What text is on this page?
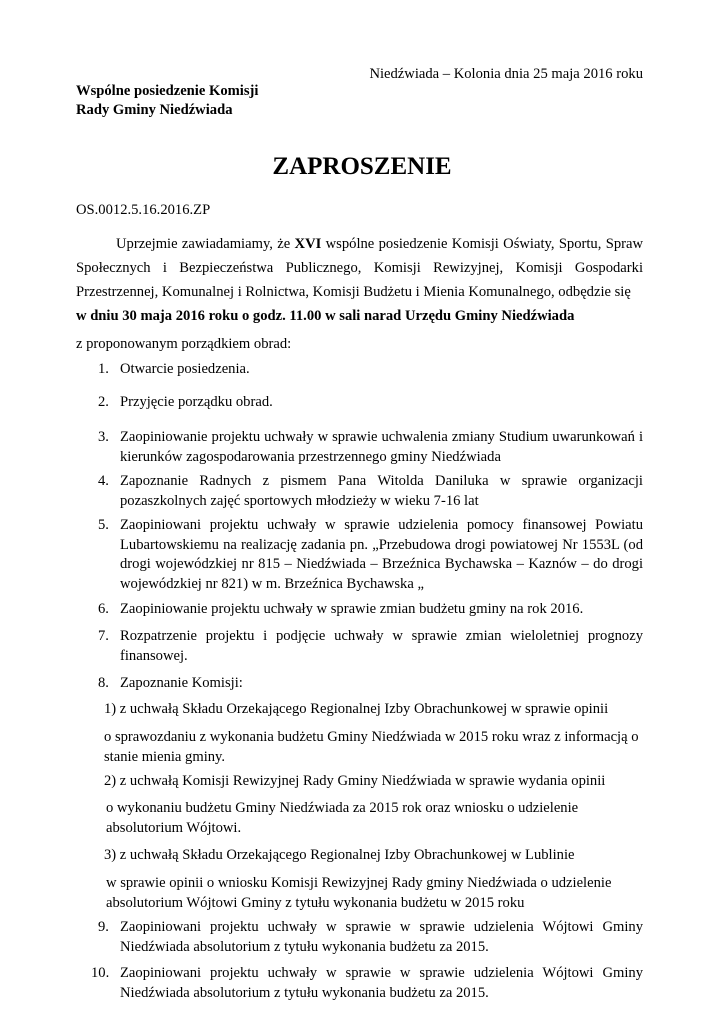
Niedźwiada – Kolonia dnia 25 maja 2016 roku
Wspólne posiedzenie Komisji
Rady Gminy Niedźwiada
ZAPROSZENIE
OS.0012.5.16.2016.ZP

Uprzejmie zawiadamiamy, że XVI wspólne posiedzenie Komisji Oświaty, Sportu, Spraw Społecznych i Bezpieczeństwa Publicznego, Komisji Rewizyjnej, Komisji Gospodarki Przestrzennej, Komunalnej i Rolnictwa, Komisji Budżetu i Mienia Komunalnego, odbędzie się

w dniu 30 maja 2016 roku o godz. 11.00 w sali narad Urzędu Gminy Niedźwiada

z proponowanym porządkiem obrad:
1. Otwarcie posiedzenia.
2. Przyjęcie porządku obrad.
3. Zaopiniowanie projektu uchwały w sprawie uchwalenia zmiany Studium uwarunkowań i kierunków zagospodarowania przestrzennego gminy Niedźwiada
4. Zapoznanie Radnych z pismem Pana Witolda Daniluka w sprawie organizacji pozaszkolnych zajęć sportowych młodzieży w wieku 7-16 lat
5. Zaopiniowani projektu uchwały w sprawie udzielenia pomocy finansowej Powiatu Lubartowskiemu na realizację zadania pn. „Przebudowa drogi powiatowej Nr 1553L (od drogi wojewódzkiej nr 815 – Niedźwiada – Brzeźnica Bychawska – Kaznów – do drogi wojewódzkiej nr 821) w m. Brzeźnica Bychawska „
6. Zaopiniowanie projektu uchwały w sprawie zmian budżetu gminy na rok 2016.
7. Rozpatrzenie projektu i podjęcie uchwały w sprawie zmian wieloletniej prognozy finansowej.
8. Zapoznanie Komisji:
1) z uchwałą Składu Orzekającego Regionalnej Izby Obrachunkowej w sprawie opinii
o sprawozdaniu z wykonania budżetu Gminy Niedźwiada w 2015 roku wraz z informacją o stanie mienia gminy.
2) z uchwałą Komisji Rewizyjnej Rady Gminy Niedźwiada w sprawie wydania opinii
o wykonaniu budżetu Gminy Niedźwiada za 2015 rok oraz wniosku o udzielenie absolutorium Wójtowi.
3) z uchwałą Składu Orzekającego Regionalnej Izby Obrachunkowej w Lublinie
w sprawie opinii o wniosku Komisji Rewizyjnej Rady gminy Niedźwiada o udzielenie absolutorium Wójtowi Gminy z tytułu wykonania budżetu w 2015 roku
9. Zaopiniowani projektu uchwały w sprawie w sprawie udzielenia Wójtowi Gminy Niedźwiada absolutorium z tytułu wykonania budżetu za 2015.
10. Zaopiniowani projektu uchwały w sprawie w sprawie udzielenia Wójtowi Gminy Niedźwiada absolutorium z tytułu wykonania budżetu za 2015.
